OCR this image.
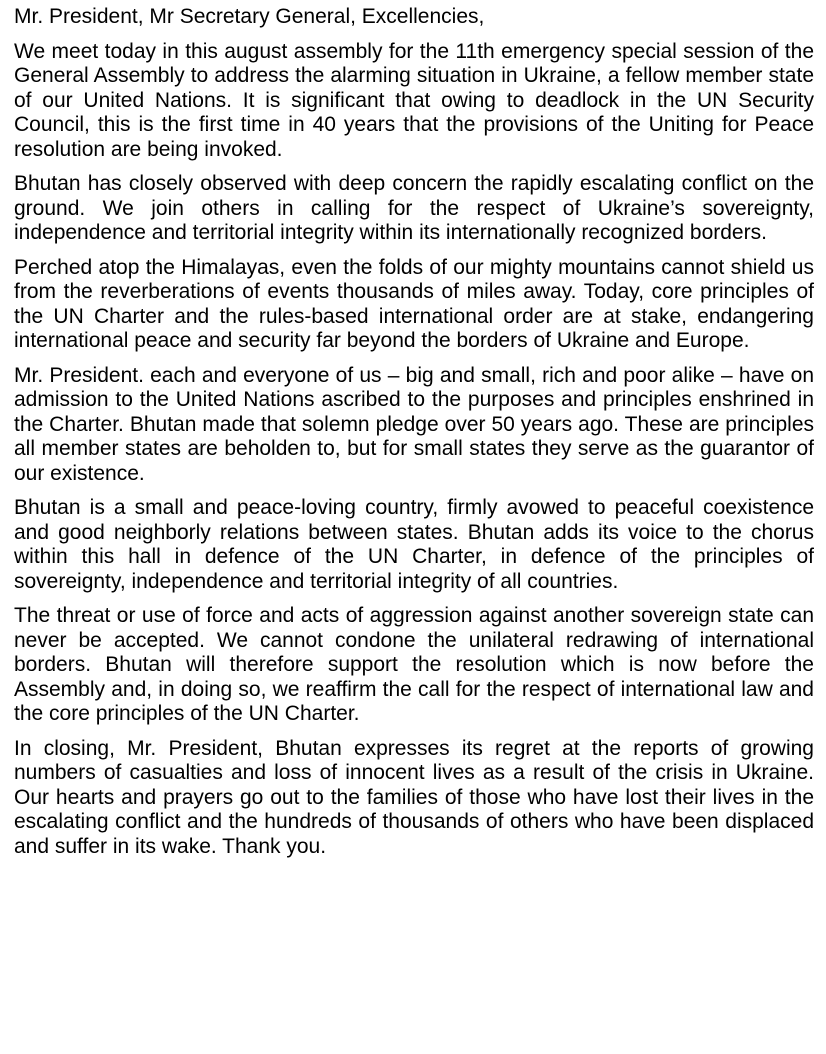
Mr. President, Mr Secretary General, Excellencies,

We meet today in this august assembly for the 11th emergency special session of the General Assembly to address the alarming situation in Ukraine, a fellow member state of our United Nations. It is significant that owing to deadlock in the UN Security Council, this is the first time in 40 years that the provisions of the Uniting for Peace resolution are being invoked.

Bhutan has closely observed with deep concern the rapidly escalating conflict on the ground. We join others in calling for the respect of Ukraine’s sovereignty, independence and territorial integrity within its internationally recognized borders.

Perched atop the Himalayas, even the folds of our mighty mountains cannot shield us from the reverberations of events thousands of miles away. Today, core principles of the UN Charter and the rules-based international order are at stake, endangering international peace and security far beyond the borders of Ukraine and Europe.

Mr. President. each and everyone of us – big and small, rich and poor alike – have on admission to the United Nations ascribed to the purposes and principles enshrined in the Charter. Bhutan made that solemn pledge over 50 years ago. These are principles all member states are beholden to, but for small states they serve as the guarantor of our existence.

Bhutan is a small and peace-loving country, firmly avowed to peaceful coexistence and good neighborly relations between states. Bhutan adds its voice to the chorus within this hall in defence of the UN Charter, in defence of the principles of sovereignty, independence and territorial integrity of all countries.

The threat or use of force and acts of aggression against another sovereign state can never be accepted. We cannot condone the unilateral redrawing of international borders. Bhutan will therefore support the resolution which is now before the Assembly and, in doing so, we reaffirm the call for the respect of international law and the core principles of the UN Charter.

In closing, Mr. President, Bhutan expresses its regret at the reports of growing numbers of casualties and loss of innocent lives as a result of the crisis in Ukraine. Our hearts and prayers go out to the families of those who have lost their lives in the escalating conflict and the hundreds of thousands of others who have been displaced and suffer in its wake. Thank you.
